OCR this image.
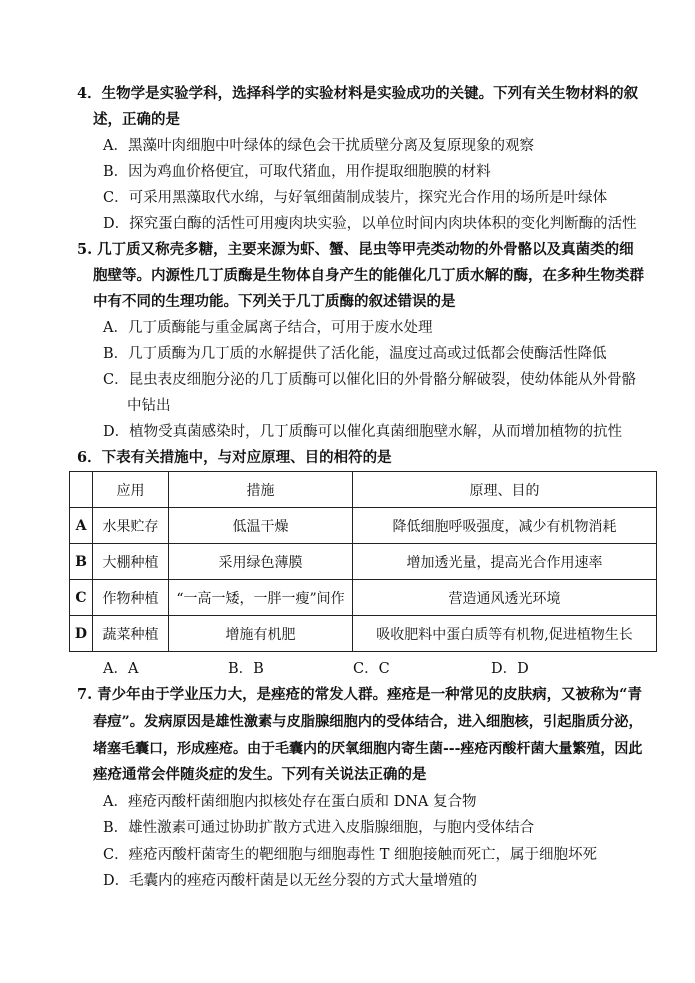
4．生物学是实验学科，选择科学的实验材料是实验成功的关键。下列有关生物材料的叙
述，正确的是
A．黑藻叶肉细胞中叶绿体的绿色会干扰质壁分离及复原现象的观察
B．因为鸡血价格便宜，可取代猪血，用作提取细胞膜的材料
C．可采用黑藻取代水绵，与好氧细菌制成装片，探究光合作用的场所是叶绿体
D．探究蛋白酶的活性可用瘦肉块实验，以单位时间内肉块体积的变化判断酶的活性
5. 几丁质又称壳多糖，主要来源为虾、蟹、昆虫等甲壳类动物的外骨骼以及真菌类的细
胞壁等。内源性几丁质酶是生物体自身产生的能催化几丁质水解的酶，在多种生物类群
中有不同的生理功能。下列关于几丁质酶的叙述错误的是
A．几丁质酶能与重金属离子结合，可用于废水处理
B．几丁质酶为几丁质的水解提供了活化能，温度过高或过低都会使酶活性降低
C．昆虫表皮细胞分泌的几丁质酶可以催化旧的外骨骼分解破裂，使幼体能从外骨骼
中钻出
D．植物受真菌感染时，几丁质酶可以催化真菌细胞壁水解，从而增加植物的抗性
6．下表有关措施中，与对应原理、目的相符的是
	应用	措施	原理、目的
A	水果贮存	低温干燥	降低细胞呼吸强度，减少有机物消耗
B	大棚种植	采用绿色薄膜	增加透光量，提高光合作用速率
C	作物种植	“一高一矮，一胖一瘦”间作	营造通风透光环境
D	蔬菜种植	增施有机肥	吸收肥料中蛋白质等有机物,促进植物生长
A．A	B．B	C．C	D．D
7. 青少年由于学业压力大，是痤疮的常发人群。痤疮是一种常见的皮肤病，又被称为“青
春痘”。发病原因是雄性激素与皮脂腺细胞内的受体结合，进入细胞核，引起脂质分泌，
堵塞毛囊口，形成痤疮。由于毛囊内的厌氧细胞内寄生菌---痤疮丙酸杆菌大量繁殖，因此
痤疮通常会伴随炎症的发生。下列有关说法正确的是
A．痤疮丙酸杆菌细胞内拟核处存在蛋白质和 DNA 复合物
B．雄性激素可通过协助扩散方式进入皮脂腺细胞，与胞内受体结合
C．痤疮丙酸杆菌寄生的靶细胞与细胞毒性 T 细胞接触而死亡，属于细胞坏死
D．毛囊内的痤疮丙酸杆菌是以无丝分裂的方式大量增殖的
